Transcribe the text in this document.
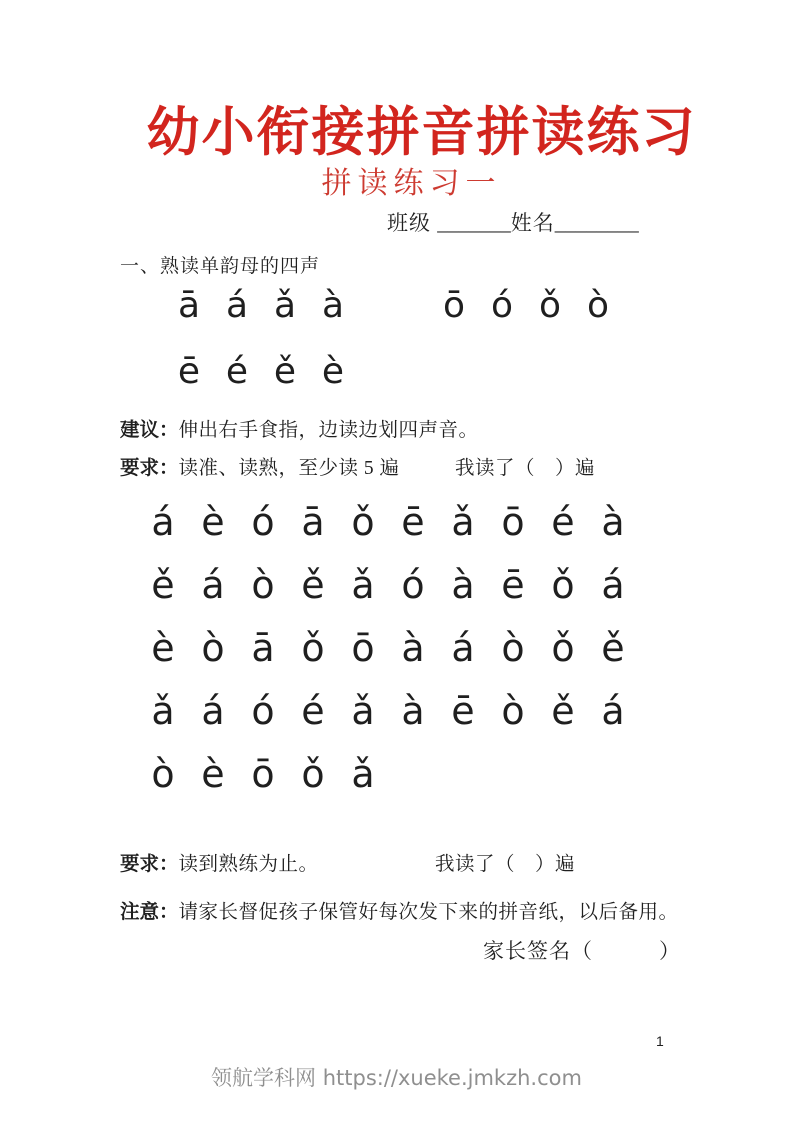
幼小衔接拼音拼读练习
拼读练习一
班级 _______姓名________
一、熟读单韵母的四声
ā á ǎ à	ō ó ǒ ò
ē é ě è

建议：伸出右手食指，边读边划四声音。

要求：读准、读熟，至少读 5 遍	我读了（　）遍

á è ó ā ǒ ē ǎ ō é à
ě á ò ě ǎ ó à ē ǒ á
è ò ā ǒ ō à á ò ǒ ě
ǎ á ó é ǎ à ē ò ě á
ò è ō ǒ ǎ

要求：读到熟练为止。	我读了（　）遍

注意：请家长督促孩子保管好每次发下来的拼音纸，以后备用。

家长签名（　　　）
1
领航学科网 https://xueke.jmkzh.com
